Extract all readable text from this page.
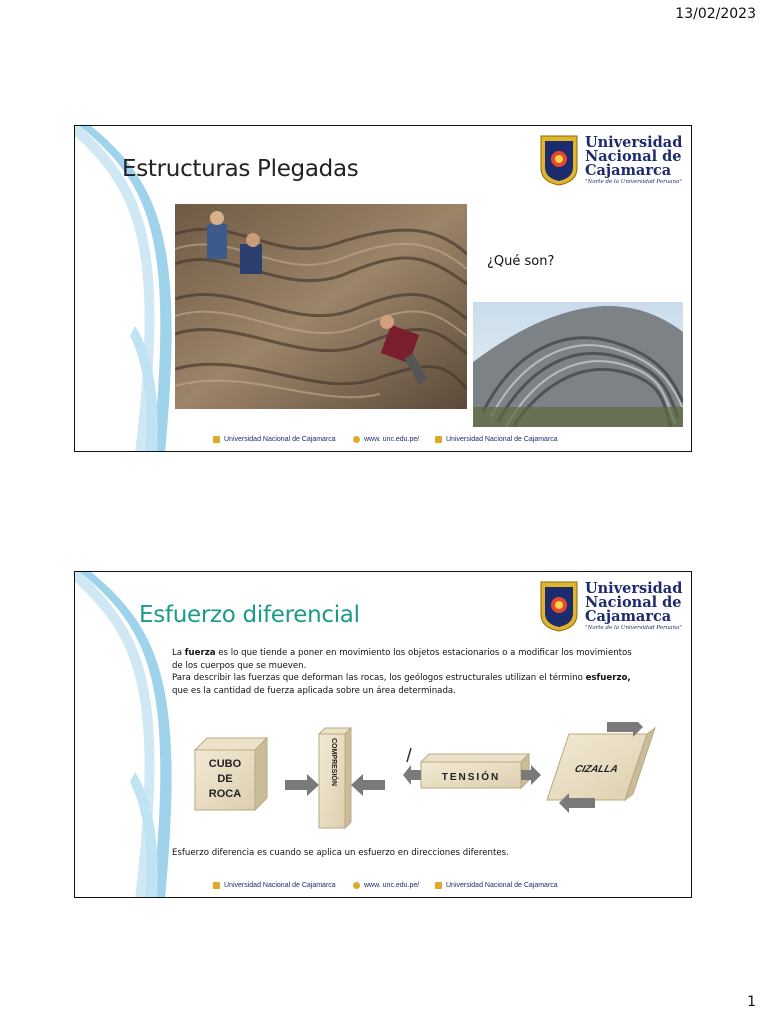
13/02/2023
Estructuras Plegadas
Universidad
Nacional de
Cajamarca
"Norte de la Universidad Peruana"
¿Qué son?
Universidad Nacional de Cajamarca	www. unc.edu.pe/	Universidad Nacional de Cajamarca
Esfuerzo diferencial
Universidad
Nacional de
Cajamarca
"Norte de la Universidad Peruana"

La fuerza es lo que tiende a poner en movimiento los objetos estacionarios o a modificar los movimientos de los cuerpos que se mueven.

Para describir las fuerzas que deforman las rocas, los geólogos estructurales utilizan el término esfuerzo, que es la cantidad de fuerza aplicada sobre un área determinada.

CUBO
DE
ROCA
COMPRESIÓN	TENSIÓN
CIZALLA
Esfuerzo diferencia es cuando se aplica un esfuerzo en direcciones diferentes.
Universidad Nacional de Cajamarca	www. unc.edu.pe/	Universidad Nacional de Cajamarca
1
